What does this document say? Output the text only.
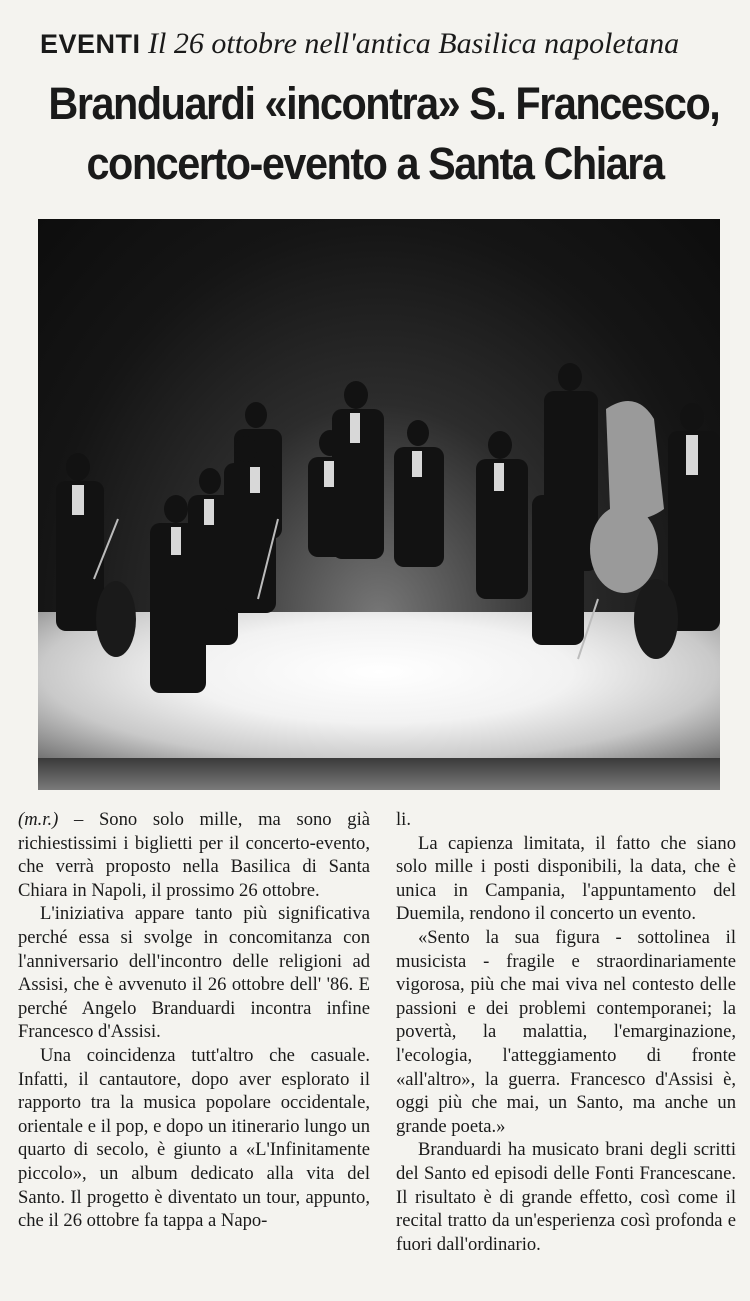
EVENTI Il 26 ottobre nell'antica Basilica napoletana
Branduardi «incontra» S. Francesco,
concerto-evento a Santa Chiara

(m.r.) – Sono solo mille, ma sono già richiestissimi i biglietti per il concerto-evento, che verrà proposto nella Basilica di Santa Chiara in Napoli, il prossimo 26 ottobre.

L'iniziativa appare tanto più significativa perché essa si svolge in concomitanza con l'anniversario dell'incontro delle religioni ad Assisi, che è avvenuto il 26 ottobre dell' '86. E perché Angelo Branduardi incontra infine Francesco d'Assisi.

Una coincidenza tutt'altro che casuale. Infatti, il cantautore, dopo aver esplorato il rapporto tra la musica popolare occidentale, orientale e il pop, e dopo un itinerario lungo un quarto di secolo, è giunto a «L'Infinitamente piccolo», un album dedicato alla vita del Santo. Il progetto è diventato un tour, appunto, che il 26 ottobre fa tappa a Napo-

li.

La capienza limitata, il fatto che siano solo mille i posti disponibili, la data, che è unica in Campania, l'appuntamento del Duemila, rendono il concerto un evento.

«Sento la sua figura - sottolinea il musicista - fragile e straordinariamente vigorosa, più che mai viva nel contesto delle passioni e dei problemi contemporanei; la povertà, la malattia, l'emarginazione, l'ecologia, l'atteggiamento di fronte «all'altro», la guerra. Francesco d'Assisi è, oggi più che mai, un Santo, ma anche un grande poeta.»

Branduardi ha musicato brani degli scritti del Santo ed episodi delle Fonti Francescane. Il risultato è di grande effetto, così come il recital tratto da un'esperienza così profonda e fuori dall'ordinario.
